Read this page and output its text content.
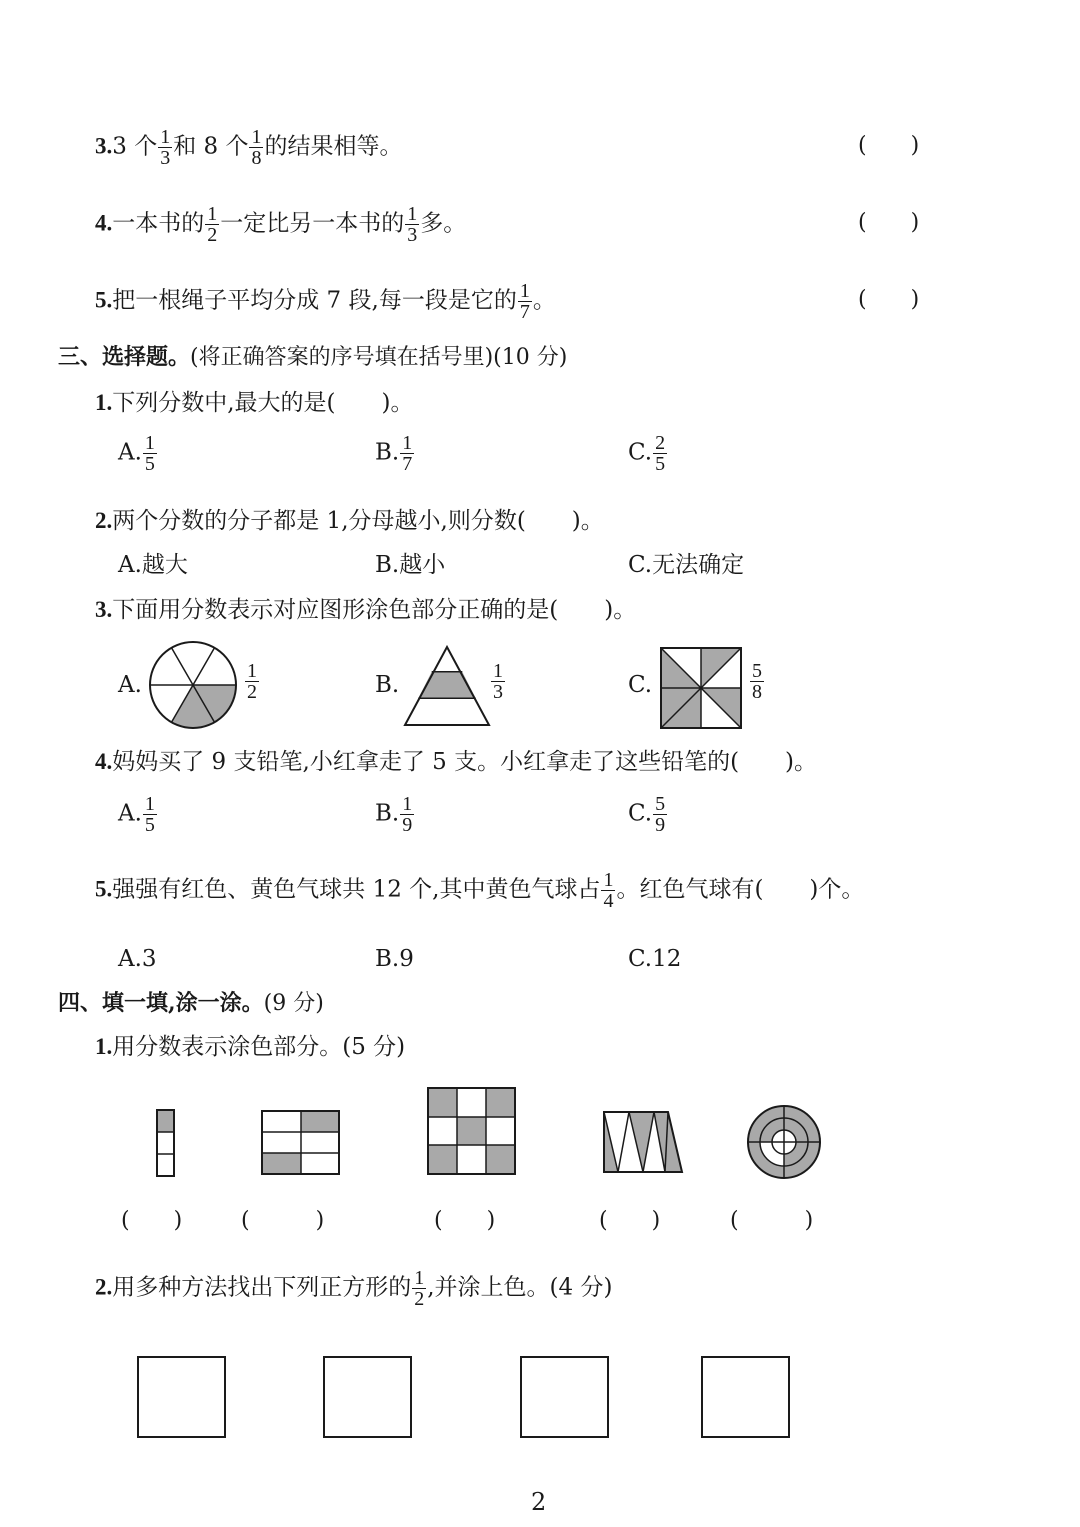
3.3 个 $\frac{1}{3}$ 和 8 个 $\frac{1}{8}$ 的结果相等。	(　　)
4.一本书的 $\frac{1}{2}$ 一定比另一本书的 $\frac{1}{3}$ 多。	(　　)
5.把一根绳子平均分成 7 段,每一段是它的 $\frac{1}{7}$ 。	(　　)
三、选择题。(将正确答案的序号填在括号里)(10 分)
1.下列分数中,最大的是(　　)。
A. $\frac{1}{5}$	B. $\frac{1}{7}$	C. $\frac{2}{5}$
2.两个分数的分子都是 1,分母越小,则分数(　　)。
A.越大	B.越小	C.无法确定
3.下面用分数表示对应图形涂色部分正确的是(　　)。
A.	$\frac{1}{2}$	B.	$\frac{1}{3}$	C.	$\frac{5}{8}$
4.妈妈买了 9 支铅笔,小红拿走了 5 支。小红拿走了这些铅笔的(　　)。
A. $\frac{1}{5}$	B. $\frac{1}{9}$	C. $\frac{5}{9}$
5.强强有红色、黄色气球共 12 个,其中黄色气球占 $\frac{1}{4}$ 。红色气球有(　　)个。
A.3	B.9	C.12
四、填一填,涂一涂。(9 分)
1.用分数表示涂色部分。(5 分)
(　　)	(　　　)	(　　)	(　　)	(　　　)
2.用多种方法找出下列正方形的 $\frac{1}{2}$ ,并涂上色。(4 分)
2
